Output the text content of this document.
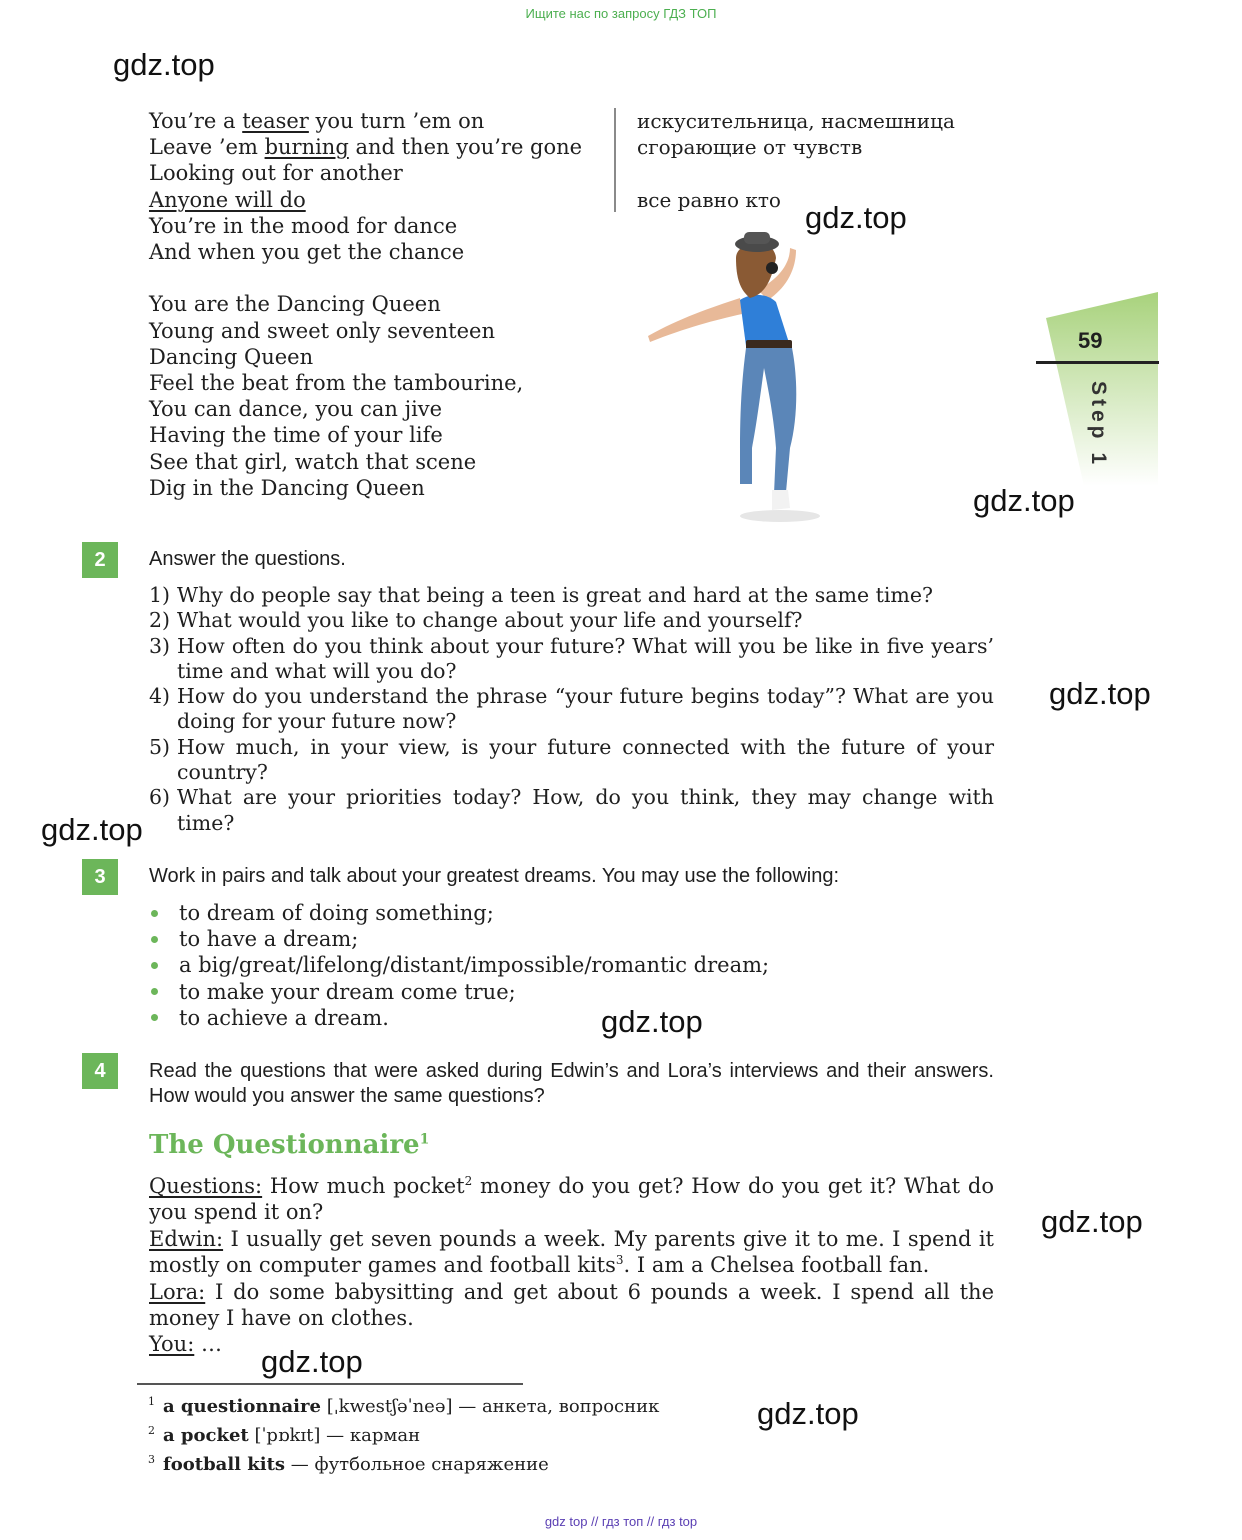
Ищите нас по запросу ГДЗ ТОП
gdz.top
gdz.top
gdz.top
gdz.top
gdz.top
gdz.top
gdz.top
gdz.top
gdz.top
You’re a teaser you turn ’em on
Leave ’em burning and then you’re gone
Looking out for another
Anyone will do
You’re in the mood for dance
And when you get the chance
You are the Dancing Queen
Young and sweet only seventeen
Dancing Queen
Feel the beat from the tambourine,
You can dance, you can jive
Having the time of your life
See that girl, watch that scene
Dig in the Dancing Queen
искусительница, насмешница
сгорающие от чувств
все равно кто
59
Step 1
2	Answer the questions.
1) Why do people say that being a teen is great and hard at the same time?
2) What would you like to change about your life and yourself?
3) How often do you think about your future? What will you be like in five years’ time and what will you do?
4) How do you understand the phrase “your future begins today”? What are you doing for your future now?
5) How much, in your view, is your future connected with the future of your country?
6) What are your priorities today? How, do you think, they may change with time?
3	Work in pairs and talk about your greatest dreams. You may use the following:
to dream of doing something;
to have a dream;
a big/great/lifelong/distant/impossible/romantic dream;
to make your dream come true;
to achieve a dream.
4	Read the questions that were asked during Edwin’s and Lora’s interviews and their answers. How would you answer the same questions?
The Questionnaire$^1$
Questions: How much pocket$^2$ money do you get? How do you get it? What do you spend it on?
Edwin: I usually get seven pounds a week. My parents give it to me. I spend it mostly on computer games and football kits$^3$. I am a Chelsea football fan.
Lora: I do some babysitting and get about 6 pounds a week. I spend all the money I have on clothes.
You: …
$^1$ a questionnaire [ˌkwestʃəˈneə] — анкета, вопросник
$^2$ a pocket [ˈpɒkɪt] — карман
$^3$ football kits — футбольное снаряжение
gdz top // гдз топ // гдз top
